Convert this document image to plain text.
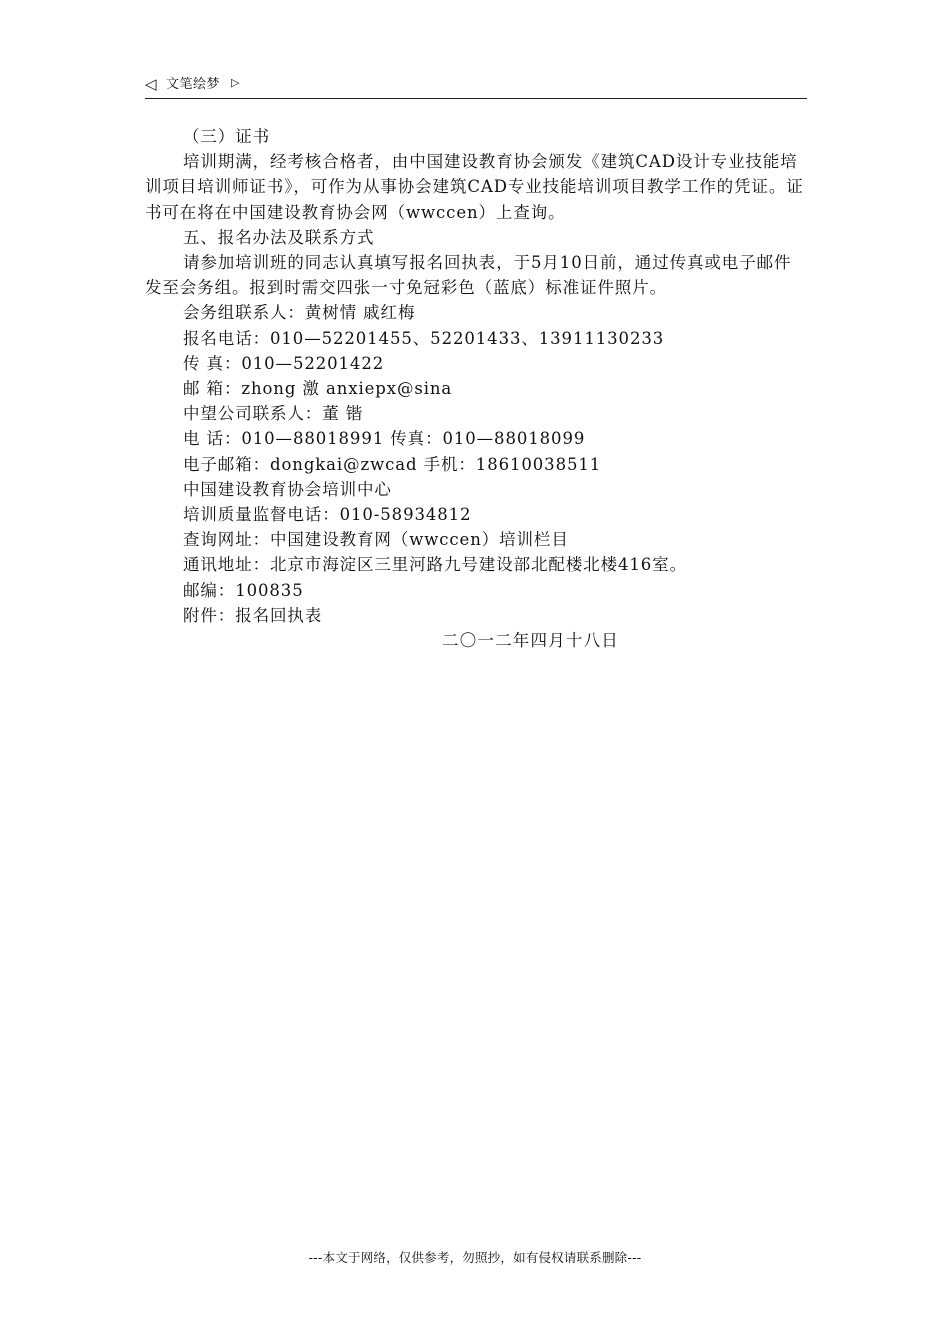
◁ 文笔绘梦 ▷

（三）证书

培训期满，经考核合格者，由中国建设教育协会颁发《建筑CAD设计专业技能培训项目培训师证书》，可作为从事协会建筑CAD专业技能培训项目教学工作的凭证。证书可在将在中国建设教育协会网（wwccen）上查询。

五、报名办法及联系方式

请参加培训班的同志认真填写报名回执表，于5月10日前，通过传真或电子邮件发至会务组。报到时需交四张一寸免冠彩色（蓝底）标准证件照片。

会务组联系人：黄树情 戚红梅

报名电话：010—52201455、52201433、13911130233

传 真：010—52201422

邮 箱：zhong 激 anxiepx@sina

中望公司联系人：董 锴

电 话：010—88018991 传真：010—88018099

电子邮箱：dongkai@zwcad 手机：18610038511

中国建设教育协会培训中心

培训质量监督电话：010-58934812

查询网址：中国建设教育网（wwccen）培训栏目

通讯地址：北京市海淀区三里河路九号建设部北配楼北楼416室。

邮编：100835

附件：报名回执表

二〇一二年四月十八日

---本文于网络，仅供参考，勿照抄，如有侵权请联系删除---
